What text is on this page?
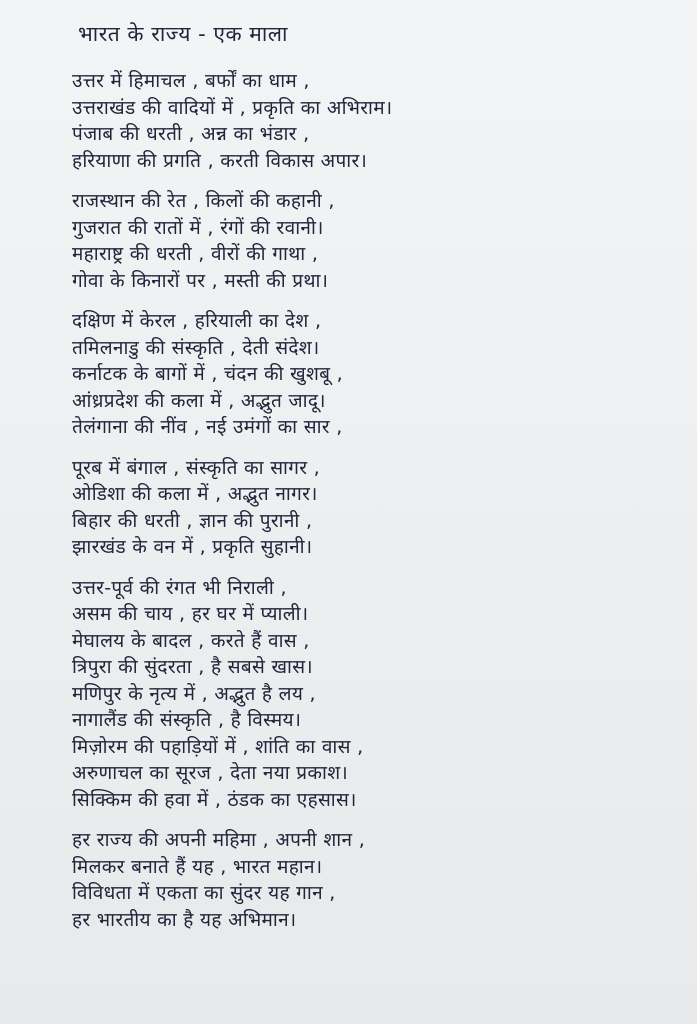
भारत के राज्य - एक माला
उत्तर में हिमाचल , बर्फों का धाम ,
उत्तराखंड की वादियों में , प्रकृति का अभिराम।
पंजाब की धरती , अन्न का भंडार ,
हरियाणा की प्रगति , करती विकास अपार।
राजस्थान की रेत , किलों की कहानी ,
गुजरात की रातों में , रंगों की रवानी।
महाराष्ट्र की धरती , वीरों की गाथा ,
गोवा के किनारों पर , मस्ती की प्रथा।
दक्षिण में केरल , हरियाली का देश ,
तमिलनाडु की संस्कृति , देती संदेश।
कर्नाटक के बागों में , चंदन की खुशबू ,
आंध्रप्रदेश की कला में , अद्भुत जादू।
तेलंगाना की नींव , नई उमंगों का सार ,
पूरब में बंगाल , संस्कृति का सागर ,
ओडिशा की कला में , अद्भुत नागर।
बिहार की धरती , ज्ञान की पुरानी ,
झारखंड के वन में , प्रकृति सुहानी।
उत्तर-पूर्व की रंगत भी निराली ,
असम की चाय , हर घर में प्याली।
मेघालय के बादल , करते हैं वास ,
त्रिपुरा की सुंदरता , है सबसे खास।
मणिपुर के नृत्य में , अद्भुत है लय ,
नागालैंड की संस्कृति , है विस्मय।
मिज़ोरम की पहाड़ियों में , शांति का वास ,
अरुणाचल का सूरज , देता नया प्रकाश।
सिक्किम की हवा में , ठंडक का एहसास।
हर राज्य की अपनी महिमा , अपनी शान ,
मिलकर बनाते हैं यह , भारत महान।
विविधता में एकता का सुंदर यह गान ,
हर भारतीय का है यह अभिमान।
